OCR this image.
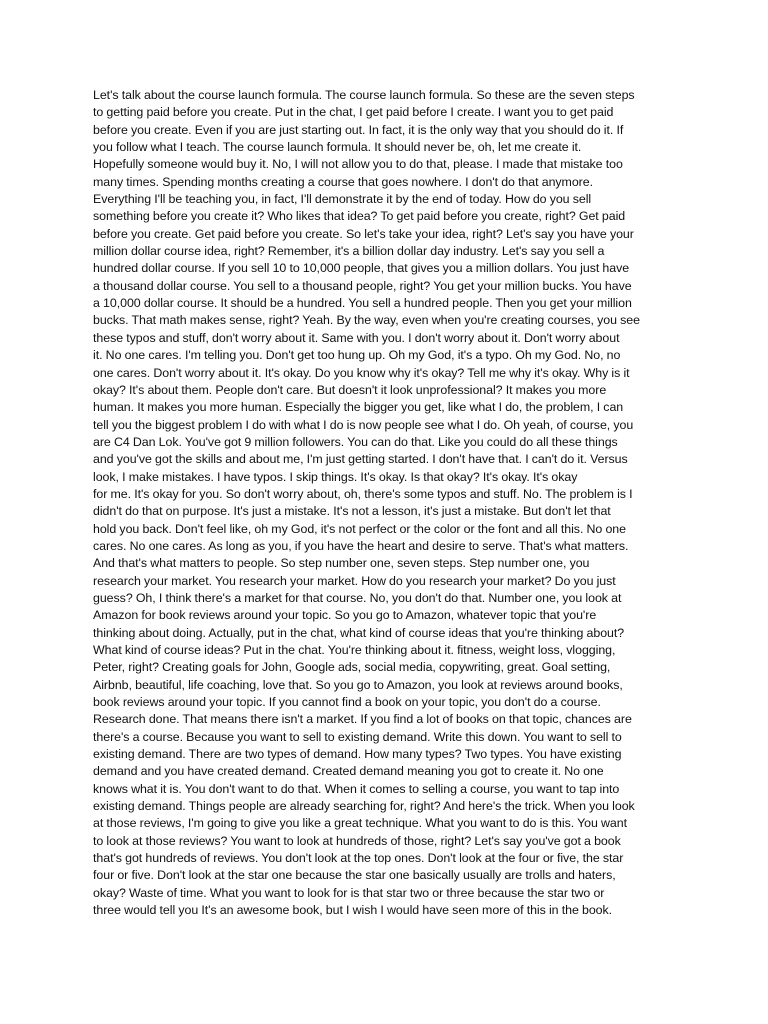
Let's talk about the course launch formula. The course launch formula. So these are the seven steps
to getting paid before you create. Put in the chat, I get paid before I create. I want you to get paid
before you create. Even if you are just starting out. In fact, it is the only way that you should do it. If
you follow what I teach. The course launch formula. It should never be, oh, let me create it.
Hopefully someone would buy it. No, I will not allow you to do that, please. I made that mistake too
many times. Spending months creating a course that goes nowhere. I don't do that anymore.
Everything I'll be teaching you, in fact, I'll demonstrate it by the end of today. How do you sell
something before you create it? Who likes that idea? To get paid before you create, right? Get paid
before you create. Get paid before you create. So let's take your idea, right? Let's say you have your
million dollar course idea, right? Remember, it's a billion dollar day industry. Let's say you sell a
hundred dollar course. If you sell 10 to 10,000 people, that gives you a million dollars. You just have
a thousand dollar course. You sell to a thousand people, right? You get your million bucks. You have
a 10,000 dollar course. It should be a hundred. You sell a hundred people. Then you get your million
bucks. That math makes sense, right? Yeah. By the way, even when you're creating courses, you see
these typos and stuff, don't worry about it. Same with you. I don't worry about it. Don't worry about
it. No one cares. I'm telling you. Don't get too hung up. Oh my God, it's a typo. Oh my God. No, no
one cares. Don't worry about it. It's okay. Do you know why it's okay? Tell me why it's okay. Why is it
okay? It's about them. People don't care. But doesn't it look unprofessional? It makes you more
human. It makes you more human. Especially the bigger you get, like what I do, the problem, I can
tell you the biggest problem I do with what I do is now people see what I do. Oh yeah, of course, you
are C4 Dan Lok. You've got 9 million followers. You can do that. Like you could do all these things
and you've got the skills and about me, I'm just getting started. I don't have that. I can't do it. Versus
look, I make mistakes. I have typos. I skip things. It's okay. Is that okay? It's okay. It's okay
for me. It's okay for you. So don't worry about, oh, there's some typos and stuff. No. The problem is I
didn't do that on purpose. It's just a mistake. It's not a lesson, it's just a mistake. But don't let that
hold you back. Don't feel like, oh my God, it's not perfect or the color or the font and all this. No one
cares. No one cares. As long as you, if you have the heart and desire to serve. That's what matters.
And that's what matters to people. So step number one, seven steps. Step number one, you
research your market. You research your market. How do you research your market? Do you just
guess? Oh, I think there's a market for that course. No, you don't do that. Number one, you look at
Amazon for book reviews around your topic. So you go to Amazon, whatever topic that you're
thinking about doing. Actually, put in the chat, what kind of course ideas that you're thinking about?
What kind of course ideas? Put in the chat. You're thinking about it. fitness, weight loss, vlogging,
Peter, right? Creating goals for John, Google ads, social media, copywriting, great. Goal setting,
Airbnb, beautiful, life coaching, love that. So you go to Amazon, you look at reviews around books,
book reviews around your topic. If you cannot find a book on your topic, you don't do a course.
Research done. That means there isn't a market. If you find a lot of books on that topic, chances are
there's a course. Because you want to sell to existing demand. Write this down. You want to sell to
existing demand. There are two types of demand. How many types? Two types. You have existing
demand and you have created demand. Created demand meaning you got to create it. No one
knows what it is. You don't want to do that. When it comes to selling a course, you want to tap into
existing demand. Things people are already searching for, right? And here's the trick. When you look
at those reviews, I'm going to give you like a great technique. What you want to do is this. You want
to look at those reviews? You want to look at hundreds of those, right? Let's say you've got a book
that's got hundreds of reviews. You don't look at the top ones. Don't look at the four or five, the star
four or five. Don't look at the star one because the star one basically usually are trolls and haters,
okay? Waste of time. What you want to look for is that star two or three because the star two or
three would tell you It's an awesome book, but I wish I would have seen more of this in the book.
